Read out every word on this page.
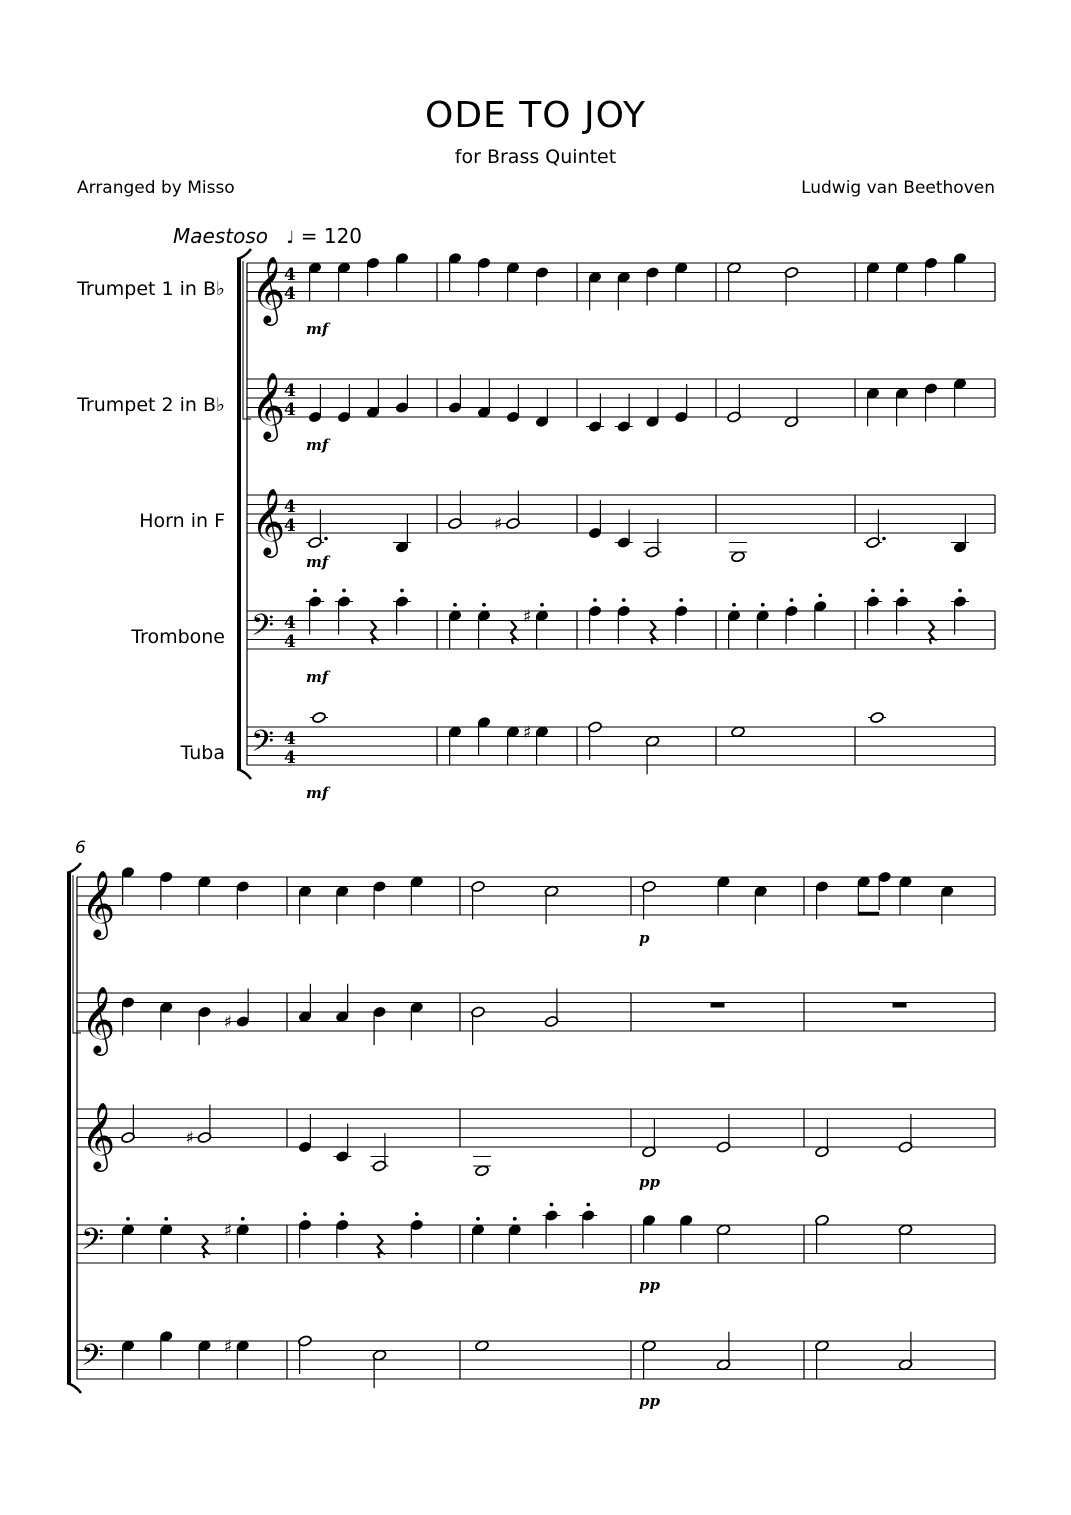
ODE TO JOY
for Brass Quintet
Arranged by Misso	Ludwig van Beethoven
Maestoso ♩ = 120
Trumpet 1 in B♭
Trumpet 2 in B♭
Horn in F
Trombone
Tuba
6
𝄞
4
4
𝄞
4
4
𝄞
4
4
𝄢 4
4
𝄢 4
4
𝄞
𝄞
𝄞
𝄢
𝄢
♯
♯
♯
♯
♯
♯
♯
mf
mf
mf
mf
mf
p
pp
pp
pp
